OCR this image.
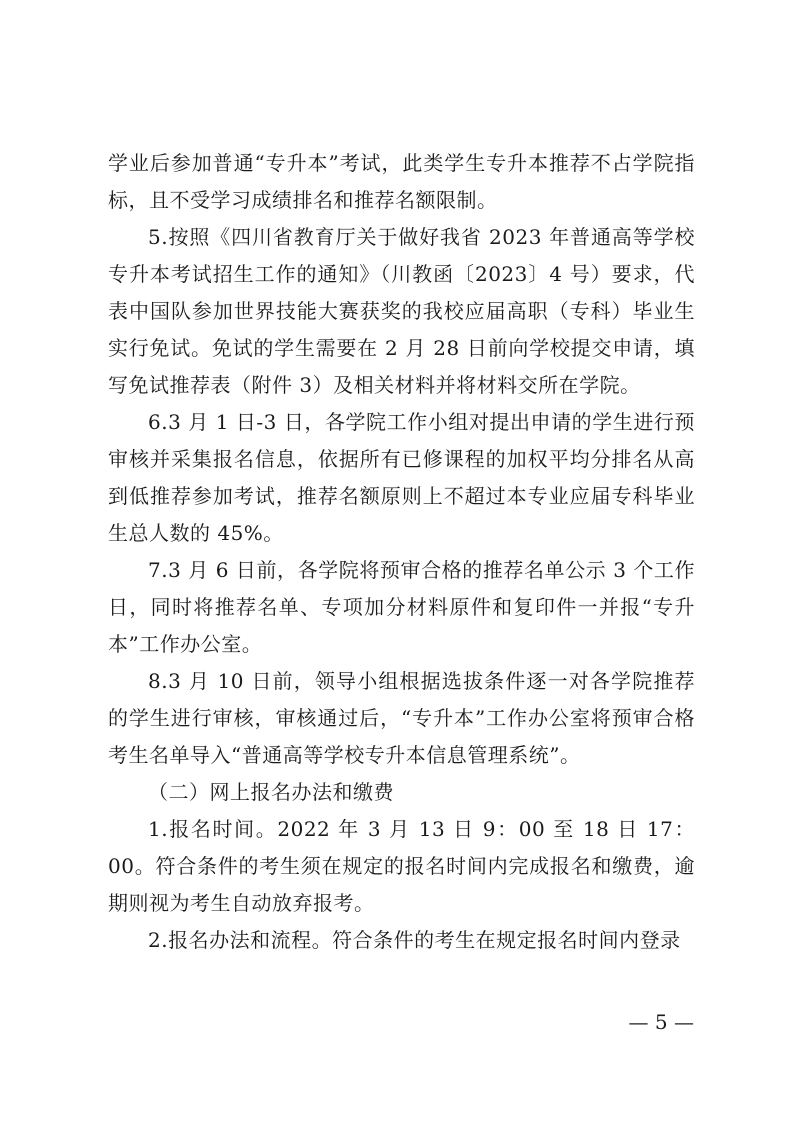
学业后参加普通“专升本”考试，此类学生专升本推荐不占学院指标，且不受学习成绩排名和推荐名额限制。

5.按照《四川省教育厅关于做好我省 2023 年普通高等学校专升本考试招生工作的通知》（川教函〔2023〕4 号）要求，代表中国队参加世界技能大赛获奖的我校应届高职（专科）毕业生实行免试。免试的学生需要在 2 月 28 日前向学校提交申请，填写免试推荐表（附件 3）及相关材料并将材料交所在学院。

6.3 月 1 日-3 日，各学院工作小组对提出申请的学生进行预审核并采集报名信息，依据所有已修课程的加权平均分排名从高到低推荐参加考试，推荐名额原则上不超过本专业应届专科毕业生总人数的 45%。

7.3 月 6 日前，各学院将预审合格的推荐名单公示 3 个工作日，同时将推荐名单、专项加分材料原件和复印件一并报“专升本”工作办公室。

8.3 月 10 日前，领导小组根据选拔条件逐一对各学院推荐的学生进行审核，审核通过后，“专升本”工作办公室将预审合格考生名单导入“普通高等学校专升本信息管理系统”。

（二）网上报名办法和缴费

1.报名时间。2022 年 3 月 13 日 9：00 至 18 日 17：00。符合条件的考生须在规定的报名时间内完成报名和缴费，逾期则视为考生自动放弃报考。

2.报名办法和流程。符合条件的考生在规定报名时间内登录

— 5 —
